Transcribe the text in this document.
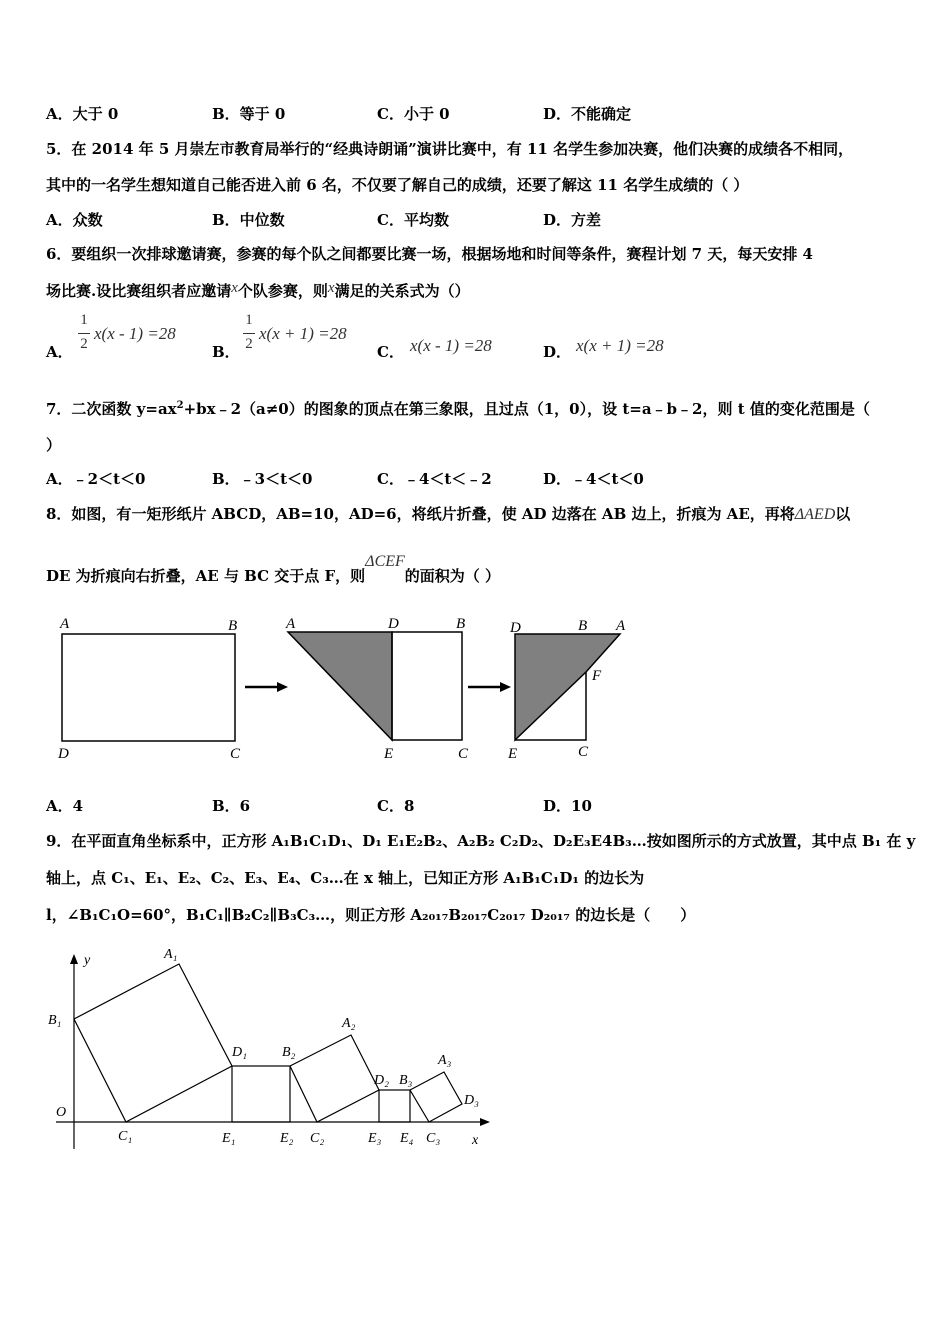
A．大于 0	B．等于 0	C．小于 0	D．不能确定
5．在 2014 年 5 月崇左市教育局举行的“经典诗朗诵”演讲比赛中，有 11 名学生参加决赛，他们决赛的成绩各不相同，
其中的一名学生想知道自己能否进入前 6 名，不仅要了解自己的成绩，还要了解这 11 名学生成绩的（ ）
A．众数	B．中位数	C．平均数	D．方差
6．要组织一次排球邀请赛，参赛的每个队之间都要比赛一场，根据场地和时间等条件，赛程计划 7 天，每天安排 4
场比赛.设比赛组织者应邀请x个队参赛，则x满足的关系式为（）
A．
1
2
x(x - 1) =28
B．
1
2
x(x + 1) =28
C． x(x - 1) =28	D． x(x + 1) =28
7．二次函数 $y=ax^2+bx﹣2(a\ne 0)$的图象的顶点在第三象限，且过点（1，0），设 t=a﹣b﹣2，则 t 值的变化范围是（
）
A．﹣2＜t＜0	B．﹣3＜t＜0	C．﹣4＜t＜﹣2	D．﹣4＜t＜0
8．如图，有一矩形纸片 ABCD，AB=10，AD=6，将纸片折叠，使 AD 边落在 AB 边上，折痕为 AE，再将ΔAED以
DE 为折痕向右折叠，AE 与 BC 交于点 F，则ΔCEF的面积为（ ）
A	B
D	C
A	D	B
E	C
D	B A
F
E	C
A．4	B．6	C．8	D．10
9．在平面直角坐标系中，正方形 A₁B₁C₁D₁、D₁ E₁E₂B₂、A₂B₂ C₂D₂、D₂E₃E4B₃…按如图所示的方式放置，其中点 B₁ 在 y
轴上，点 C₁、E₁、E₂、C₂、E₃、E₄、C₃…在 x 轴上，已知正方形 A₁B₁C₁D₁ 的边长为
l，∠B₁C₁O=60°，B₁C₁∥B₂C₂∥B₃C₃…，则正方形 A₂₀₁₇B₂₀₁₇C₂₀₁₇ D₂₀₁₇ 的边长是（　　）
y
x
O
A₁
B₁
C₁
D₁
E₁	E₂
B₂
A₂
C₂
D₂ B₃
E₃ E₄ C₃
A₃
D₃
